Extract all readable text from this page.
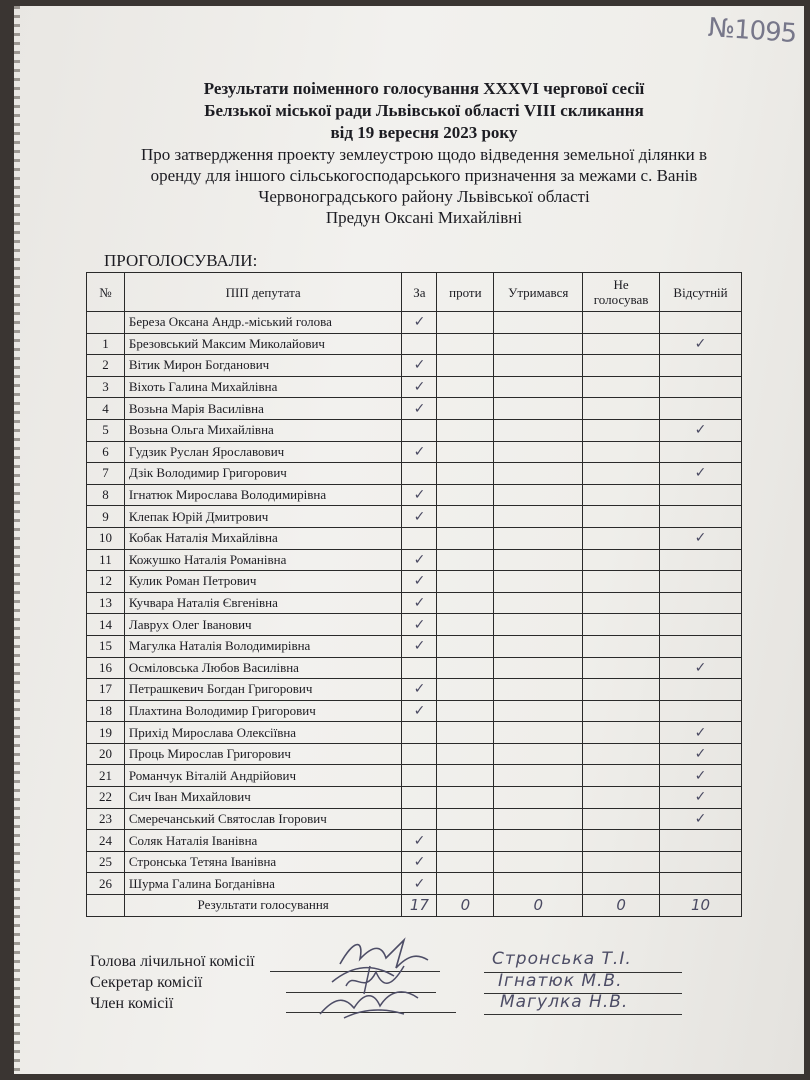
№1095
Результати поіменного голосування XXXVI чергової сесії
Белзької міської ради Львівської області VIII скликання
від 19 вересня 2023 року
Про затвердження проекту землеустрою щодо відведення земельної ділянки в
оренду для іншого сільськогосподарського призначення за межами с. Ванів
Червоноградського району Львівської області
Предун Оксані Михайлівні
ПРОГОЛОСУВАЛИ:
№	ПІП депутата	За	проти	Утримався	Не голосував	Відсутній
	Береза Оксана Андр.-міський голова	✓				
1	Брезовський Максим Миколайович					✓
2	Вітик Мирон Богданович	✓				
3	Віхоть Галина Михайлівна	✓				
4	Возьна Марія Василівна	✓				
5	Возьна Ольга Михайлівна					✓
6	Гудзик Руслан Ярославович	✓				
7	Дзік Володимир Григорович					✓
8	Ігнатюк Мирослава Володимирівна	✓				
9	Клепак Юрій Дмитрович	✓				
10	Кобак Наталія Михайлівна					✓
11	Кожушко Наталія Романівна	✓				
12	Кулик Роман Петрович	✓				
13	Кучвара Наталія Євгенівна	✓				
14	Лаврух Олег Іванович	✓				
15	Магулка Наталія Володимирівна	✓				
16	Осміловська Любов Василівна					✓
17	Петрашкевич Богдан Григорович	✓				
18	Плахтина Володимир Григорович	✓				
19	Прихід Мирослава Олексіївна					✓
20	Проць Мирослав Григорович					✓
21	Романчук Віталій Андрійович					✓
22	Сич Іван Михайлович					✓
23	Смеречанський Святослав Ігорович					✓
24	Соляк Наталія Іванівна	✓				
25	Стронська Тетяна Іванівна	✓				
26	Шурма Галина Богданівна	✓				
	Результати голосування	17	0	0	0	10
Голова лічильної комісії	Стронська Т.І.
Секретар комісії	Ігнатюк М.В.
Член комісії	Магулка Н.В.
